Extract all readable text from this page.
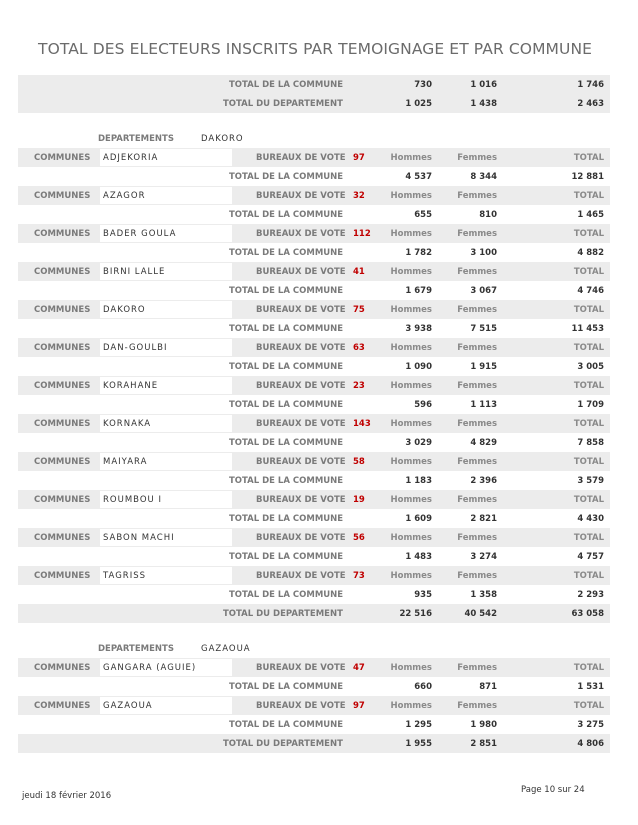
TOTAL DES ELECTEURS INSCRITS PAR TEMOIGNAGE ET PAR COMMUNE
TOTAL DE LA COMMUNE	730	1 016	1 746
TOTAL DU DEPARTEMENT	1 025	1 438	2 463
DEPARTEMENTS	DAKORO
COMMUNES ADJEKORIA	BUREAUX DE VOTE 97	Hommes	Femmes	TOTAL
TOTAL DE LA COMMUNE	4 537	8 344	12 881
COMMUNES AZAGOR	BUREAUX DE VOTE 32	Hommes	Femmes	TOTAL
TOTAL DE LA COMMUNE	655	810	1 465
COMMUNES BADER GOULA	BUREAUX DE VOTE 112 Hommes	Femmes	TOTAL
TOTAL DE LA COMMUNE	1 782	3 100	4 882
COMMUNES BIRNI LALLE	BUREAUX DE VOTE 41	Hommes	Femmes	TOTAL
TOTAL DE LA COMMUNE	1 679	3 067	4 746
COMMUNES DAKORO	BUREAUX DE VOTE 75	Hommes	Femmes	TOTAL
TOTAL DE LA COMMUNE	3 938	7 515	11 453
COMMUNES DAN-GOULBI	BUREAUX DE VOTE 63	Hommes	Femmes	TOTAL
TOTAL DE LA COMMUNE	1 090	1 915	3 005
COMMUNES KORAHANE	BUREAUX DE VOTE 23	Hommes	Femmes	TOTAL
TOTAL DE LA COMMUNE	596	1 113	1 709
COMMUNES KORNAKA	BUREAUX DE VOTE 143 Hommes	Femmes	TOTAL
TOTAL DE LA COMMUNE	3 029	4 829	7 858
COMMUNES MAIYARA	BUREAUX DE VOTE 58	Hommes	Femmes	TOTAL
TOTAL DE LA COMMUNE	1 183	2 396	3 579
COMMUNES ROUMBOU I	BUREAUX DE VOTE 19	Hommes	Femmes	TOTAL
TOTAL DE LA COMMUNE	1 609	2 821	4 430
COMMUNES SABON MACHI	BUREAUX DE VOTE 56	Hommes	Femmes	TOTAL
TOTAL DE LA COMMUNE	1 483	3 274	4 757
COMMUNES TAGRISS	BUREAUX DE VOTE 73	Hommes	Femmes	TOTAL
TOTAL DE LA COMMUNE	935	1 358	2 293
TOTAL DU DEPARTEMENT	22 516	40 542	63 058
DEPARTEMENTS	GAZAOUA
COMMUNES GANGARA (AGUIE)	BUREAUX DE VOTE 47	Hommes	Femmes	TOTAL
TOTAL DE LA COMMUNE	660	871	1 531
COMMUNES GAZAOUA	BUREAUX DE VOTE 97	Hommes	Femmes	TOTAL
TOTAL DE LA COMMUNE	1 295	1 980	3 275
TOTAL DU DEPARTEMENT	1 955	2 851	4 806
jeudi 18 février 2016
Page 10 sur 24
